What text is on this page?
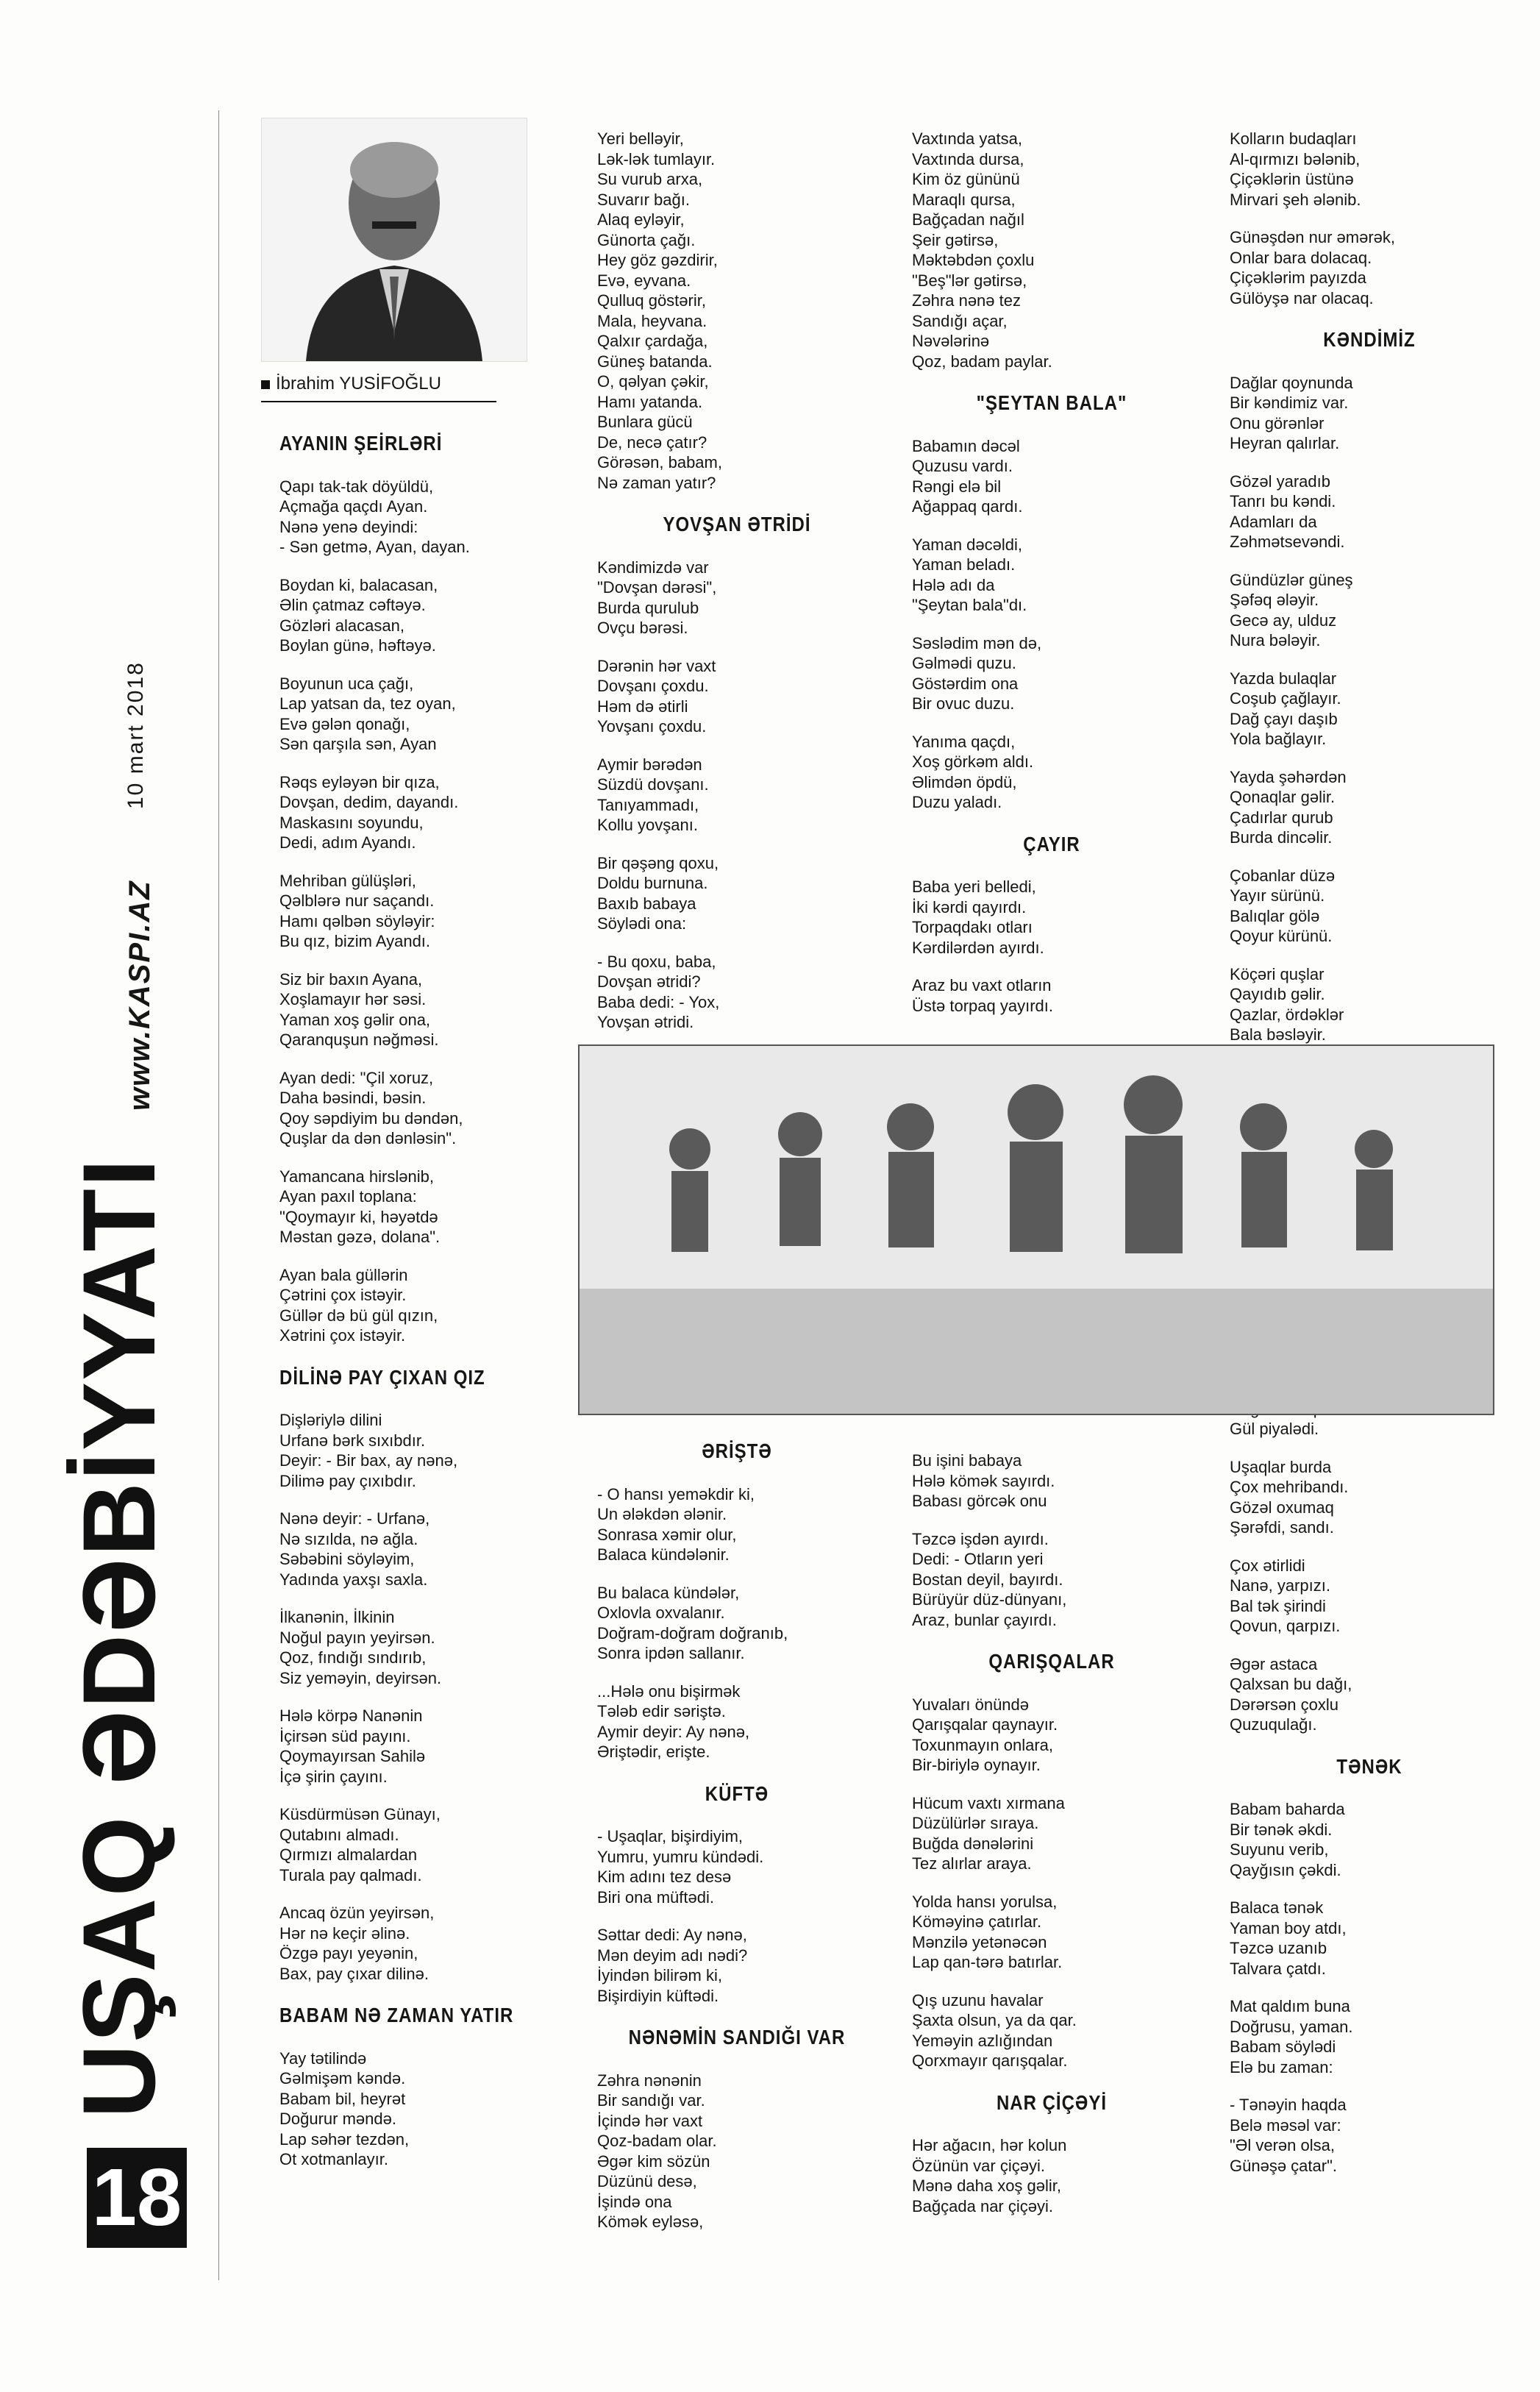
10 mart 2018
www.KASPI.AZ
UŞAQ ƏDƏBİYYATI
18
İbrahim YUSİFOĞLU
AYANIN ŞEİRLƏRİ
Qapı tak-tak döyüldü,
Açmağa qaçdı Ayan.
Nənə yenə deyindi:
- Sən getmə, Ayan, dayan.
Boydan ki, balacasan,
Əlin çatmaz cəftəyə.
Gözləri alacasan,
Boylan günə, həftəyə.
Boyunun uca çağı,
Lap yatsan da, tez oyan,
Evə gələn qonağı,
Sən qarşıla sən, Ayan
Rəqs eyləyən bir qıza,
Dovşan, dedim, dayandı.
Maskasını soyundu,
Dedi, adım Ayandı.
Mehriban gülüşləri,
Qəlblərə nur saçandı.
Hamı qəlbən söyləyir:
Bu qız, bizim Ayandı.
Siz bir baxın Ayana,
Xoşlamayır hər səsi.
Yaman xoş gəlir ona,
Qaranquşun nəğməsi.
Ayan dedi: "Çil xoruz,
Daha bəsindi, bəsin.
Qoy səpdiyim bu dəndən,
Quşlar da dən dənləsin".
Yamancana hirslənib,
Ayan paxıl toplana:
"Qoymayır ki, həyətdə
Məstan gəzə, dolana".
Ayan bala güllərin
Çətrini çox istəyir.
Güllər də bü gül qızın,
Xətrini çox istəyir.
DİLİNƏ PAY ÇIXAN QIZ
Dişləriylə dilini
Urfanə bərk sıxıbdır.
Deyir: - Bir bax, ay nənə,
Dilimə pay çıxıbdır.
Nənə deyir: - Urfanə,
Nə sızılda, nə ağla.
Səbəbini söyləyim,
Yadında yaxşı saxla.
İlkanənin, İlkinin
Noğul payın yeyirsən.
Qoz, fındığı sındırıb,
Siz yeməyin, deyirsən.
Hələ körpə Nanənin
İçirsən süd payını.
Qoymayırsan Sahilə
İçə şirin çayını.
Küsdürmüsən Günayı,
Qutabını almadı.
Qırmızı almalardan
Turala pay qalmadı.
Ancaq özün yeyirsən,
Hər nə keçir əlinə.
Özgə payı yeyənin,
Bax, pay çıxar dilinə.
BABAM NƏ ZAMAN YATIR
Yay tətilində
Gəlmişəm kəndə.
Babam bil, heyrət
Doğurur məndə.
Lap səhər tezdən,
Ot xotmanlayır.
Yeri belləyir,
Lək-lək tumlayır.
Su vurub arxa,
Suvarır bağı.
Alaq eyləyir,
Günorta çağı.
Hey göz gəzdirir,
Evə, eyvana.
Qulluq göstərir,
Mala, heyvana.
Qalxır çardağa,
Güneş batanda.
O, qəlyan çəkir,
Hamı yatanda.
Bunlara gücü
De, necə çatır?
Görəsən, babam,
Nə zaman yatır?
YOVŞAN ƏTRİDİ
Kəndimizdə var
"Dovşan dərəsi",
Burda qurulub
Ovçu bərəsi.
Dərənin hər vaxt
Dovşanı çoxdu.
Həm də ətirli
Yovşanı çoxdu.
Aymir bərədən
Süzdü dovşanı.
Tanıyammadı,
Kollu yovşanı.
Bir qəşəng qoxu,
Doldu burnuna.
Baxıb babaya
Söylədi ona:
- Bu qoxu, baba,
Dovşan ətridi?
Baba dedi: - Yox,
Yovşan ətridi.
Vaxtında yatsa,
Vaxtında dursa,
Kim öz gününü
Maraqlı qursa,
Bağçadan nağıl
Şeir gətirsə,
Məktəbdən çoxlu
"Beş"lər gətirsə,
Zəhra nənə tez
Sandığı açar,
Nəvələrinə
Qoz, badam paylar.
"ŞEYTAN BALA"
Babamın dəcəl
Quzusu vardı.
Rəngi elə bil
Ağappaq qardı.
Yaman dəcəldi,
Yaman beladı.
Hələ adı da
"Şeytan bala"dı.
Səslədim mən də,
Gəlmədi quzu.
Göstərdim ona
Bir ovuc duzu.
Yanıma qaçdı,
Xoş görkəm aldı.
Əlimdən öpdü,
Duzu yaladı.
ÇAYIR
Baba yeri belledi,
İki kərdi qayırdı.
Torpaqdakı otları
Kərdilərdən ayırdı.
Araz bu vaxt otların
Üstə torpaq yayırdı.
Kolların budaqları
Al-qırmızı bələnib,
Çiçəklərin üstünə
Mirvari şeh ələnib.
Günəşdən nur əmərək,
Onlar bara dolacaq.
Çiçəklərim payızda
Gülöyşə nar olacaq.
KƏNDİMİZ
Dağlar qoynunda
Bir kəndimiz var.
Onu görənlər
Heyran qalırlar.
Gözəl yaradıb
Tanrı bu kəndi.
Adamları da
Zəhmətsevəndi.
Gündüzlər güneş
Şəfəq ələyir.
Gecə ay, ulduz
Nura bələyir.
Yazda bulaqlar
Coşub çağlayır.
Dağ çayı daşıb
Yola bağlayır.
Yayda şəhərdən
Qonaqlar gəlir.
Çadırlar qurub
Burda dincəlir.
Çobanlar düzə
Yayır sürünü.
Balıqlar gölə
Qoyur kürünü.
Köçəri quşlar
Qayıdıb gəlir.
Qazlar, ördəklər
Bala bəsləyir.
Gül piyalədi.
Uşaqlar burda
Çox mehribandı.
Gözəl oxumaq
Şərəfdi, sandı.
Çox ətirlidi
Nanə, yarpızı.
Bal tək şirindi
Qovun, qarpızı.
Əgər astaca
Qalxsan bu dağı,
Dərərsən çoxlu
Quzuqulağı.
TƏNƏK
Babam baharda
Bir tənək əkdi.
Suyunu verib,
Qayğısın çəkdi.
Balaca tənək
Yaman boy atdı,
Təzcə uzanıb
Talvara çatdı.
Mat qaldım buna
Doğrusu, yaman.
Babam söylədi
Elə bu zaman:
- Tənəyin haqda
Belə məsəl var:
"Əl verən olsa,
Günəşə çatar".
ƏRİŞTƏ
- O hansı yeməkdir ki,
Un ələkdən ələnir.
Sonrasa xəmir olur,
Balaca kündələnir.
Bu balaca kündələr,
Oxlovla oxvalanır.
Doğram-doğram doğranıb,
Sonra ipdən sallanır.
...Hələ onu bişirmək
Tələb edir səriştə.
Aymir deyir: Ay nənə,
Əriştədir, erişte.
KÜFTƏ
- Uşaqlar, bişirdiyim,
Yumru, yumru kündədi.
Kim adını tez desə
Biri ona müftədi.
Səttar dedi: Ay nənə,
Mən deyim adı nədi?
İyindən bilirəm ki,
Bişirdiyin küftədi.
NƏNƏMİN SANDIĞI VAR
Zəhra nənənin
Bir sandığı var.
İçində hər vaxt
Qoz-badam olar.
Əgər kim sözün
Düzünü desə,
İşində ona
Kömək eyləsə,
Bu işini babaya
Hələ kömək sayırdı.
Babası görcək onu
Təzcə işdən ayırdı.
Dedi: - Otların yeri
Bostan deyil, bayırdı.
Bürüyür düz-dünyanı,
Araz, bunlar çayırdı.
QARIŞQALAR
Yuvaları önündə
Qarışqalar qaynayır.
Toxunmayın onlara,
Bir-biriylə oynayır.
Hücum vaxtı xırmana
Düzülürlər sıraya.
Buğda dənələrini
Tez alırlar araya.
Yolda hansı yorulsa,
Köməyinə çatırlar.
Mənzilə yetənəcən
Lap qan-tərə batırlar.
Qış uzunu havalar
Şaxta olsun, ya da qar.
Yeməyin azlığından
Qorxmayır qarışqalar.
NAR ÇİÇƏYİ
Hər ağacın, hər kolun
Özünün var çiçəyi.
Mənə daha xoş gəlir,
Bağçada nar çiçəyi.
